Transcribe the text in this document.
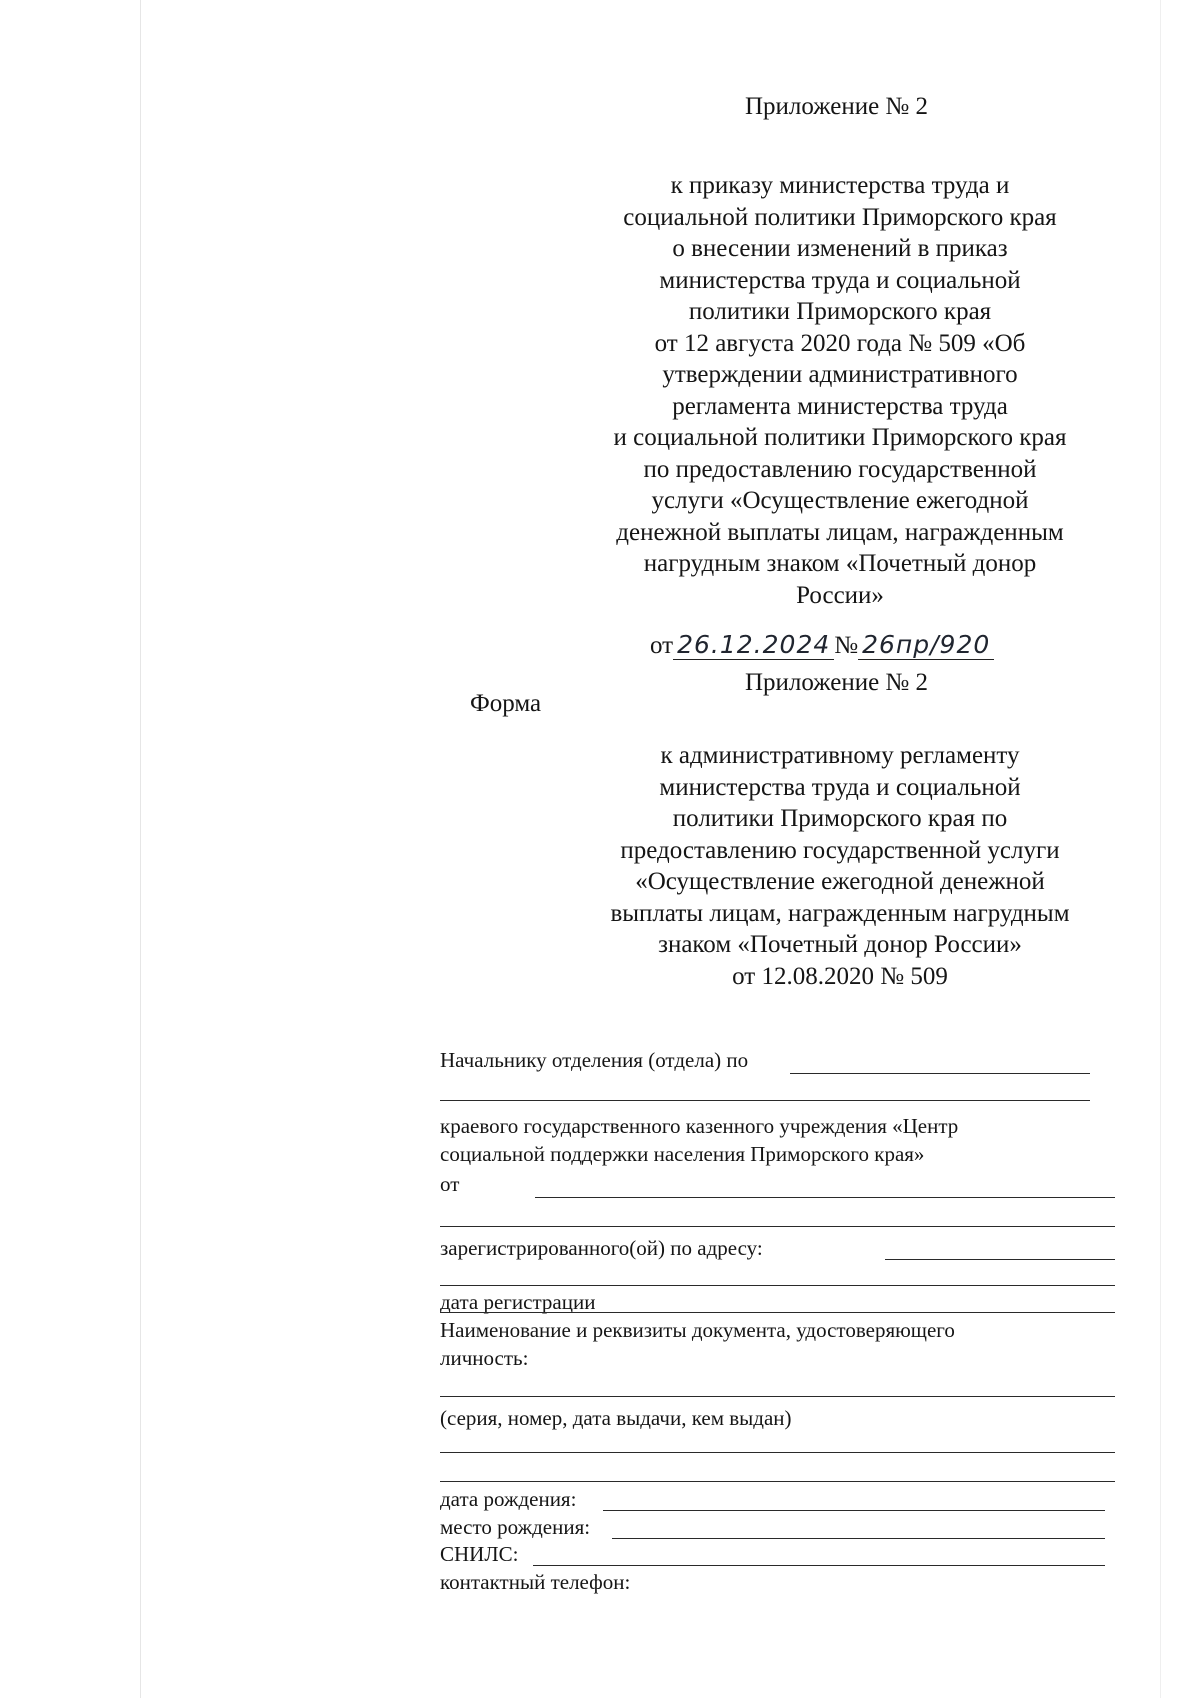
Приложение № 2
к приказу министерства труда и
социальной политики Приморского края
о внесении изменений в приказ
министерства труда и социальной
политики Приморского края
от 12 августа 2020 года № 509 «Об
утверждении административного
регламента министерства труда
и социальной политики Приморского края
по предоставлению государственной
услуги «Осуществление ежегодной
денежной выплаты лицам, награжденным
нагрудным знаком «Почетный донор
России»
от 26.12.2024 № 26пр/920
Приложение № 2
Форма
к административному регламенту
министерства труда и социальной
политики Приморского края по
предоставлению государственной услуги
«Осуществление ежегодной денежной
выплаты лицам, награжденным нагрудным
знаком «Почетный донор России»
от 12.08.2020 № 509
Начальнику отделения (отдела) по
краевого государственного казенного учреждения «Центр
социальной поддержки населения Приморского края»
от
зарегистрированного(ой) по адресу:
дата регистрации
Наименование и реквизиты документа, удостоверяющего
личность:
(серия, номер, дата выдачи, кем выдан)
дата рождения:
место рождения:
СНИЛС:
контактный телефон:
